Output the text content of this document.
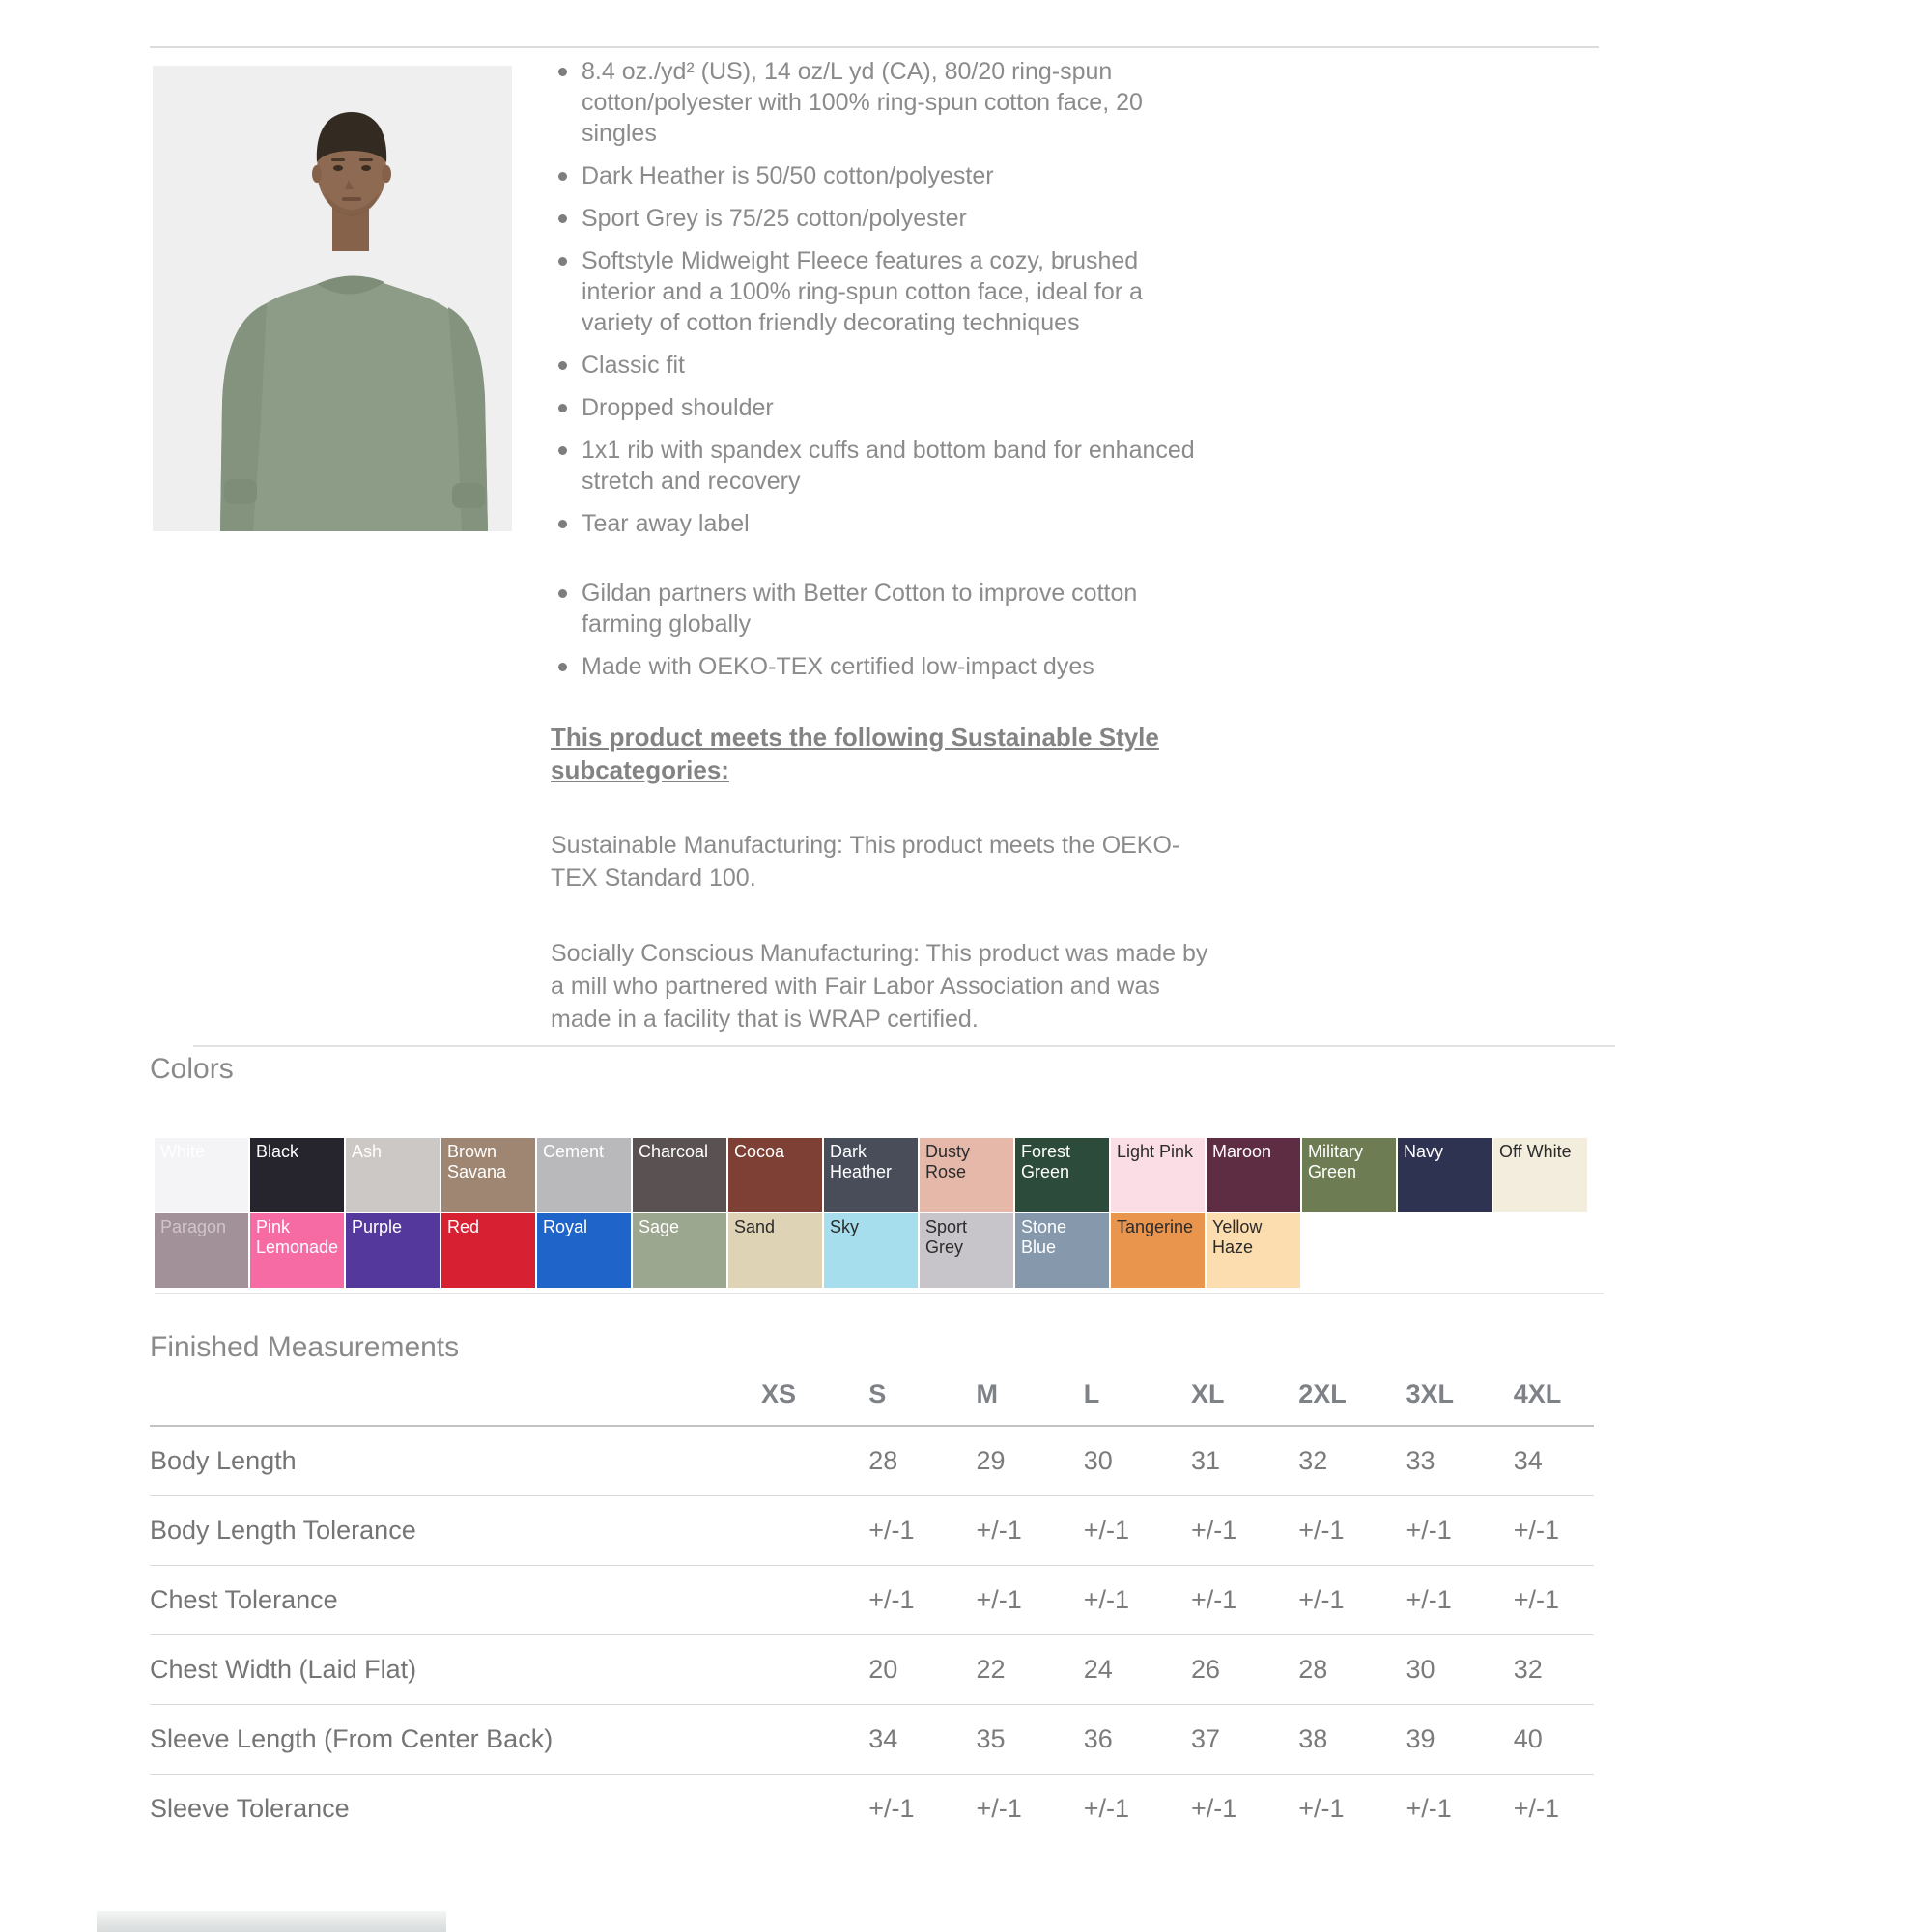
8.4 oz./yd² (US), 14 oz/L yd (CA), 80/20 ring-spun cotton/polyester with 100% ring-spun cotton face, 20 singles
Dark Heather is 50/50 cotton/polyester
Sport Grey is 75/25 cotton/polyester
Softstyle Midweight Fleece features a cozy, brushed interior and a 100% ring-spun cotton face, ideal for a variety of cotton friendly decorating techniques
Classic fit
Dropped shoulder
1x1 rib with spandex cuffs and bottom band for enhanced stretch and recovery
Tear away label
Gildan partners with Better Cotton to improve cotton farming globally
Made with OEKO-TEX certified low-impact dyes
This product meets the following Sustainable Style subcategories:

Sustainable Manufacturing: This product meets the OEKO-TEX Standard 100.

Socially Conscious Manufacturing: This product was made by a mill who partnered with Fair Labor Association and was made in a facility that is WRAP certified.

Colors
White	Black	Ash	Brown Savana
Cement	Charcoal	Cocoa	Dark Heather
Dusty Rose
Forest Green
Light Pink	Maroon	Military Green
Navy	Off White
Paragon	Pink Lemonade
Purple	Red	Royal	Sage	Sand	Sky	Sport Grey
Stone Blue
Tangerine	Yellow Haze
Finished Measurements
	XS	S	M	L	XL	2XL	3XL	4XL
Body Length		28	29	30	31	32	33	34
Body Length Tolerance		+/-1	+/-1	+/-1	+/-1	+/-1	+/-1	+/-1
Chest Tolerance		+/-1	+/-1	+/-1	+/-1	+/-1	+/-1	+/-1
Chest Width (Laid Flat)		20	22	24	26	28	30	32
Sleeve Length (From Center Back)		34	35	36	37	38	39	40
Sleeve Tolerance		+/-1	+/-1	+/-1	+/-1	+/-1	+/-1	+/-1
